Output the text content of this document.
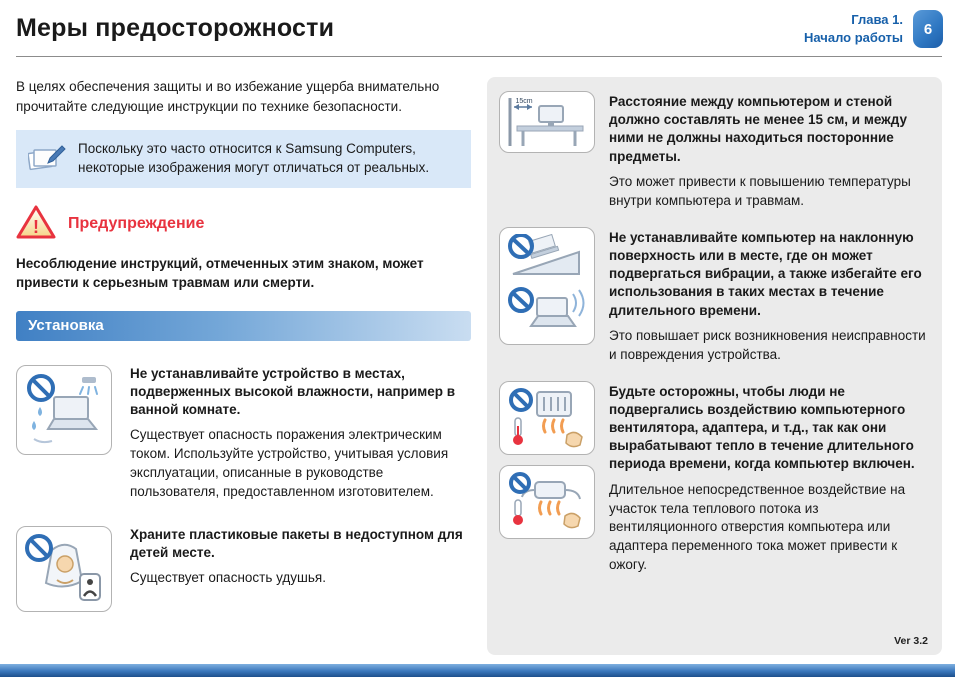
Меры предосторожности	Глава 1.
Начало работы	6

В целях обеспечения защиты и во избежание ущерба внимательно прочитайте следующие инструкции по технике безопасности.

Поскольку это часто относится к Samsung Computers, некоторые изображения могут отличаться от реальных.

! Предупреждение

Несоблюдение инструкций, отмеченных этим знаком, может привести к серьезным травмам или смерти.

Установка

Не устанавливайте устройство в местах, подверженных высокой влажности, например в ванной комнате.

Существует опасность поражения электрическим током. Используйте устройство, учитывая условия эксплуатации, описанные в руководстве пользователя, предоставленном изготовителем.

Храните пластиковые пакеты в недоступном для детей месте.

Существует опасность удушья.

15cm	Расстояние между компьютером и стеной должно составлять не менее 15 см, и между ними не должны находиться посторонние предметы.

Это может привести к повышению температуры внутри компьютера и травмам.

Не устанавливайте компьютер на наклонную поверхность или в месте, где он может подвергаться вибрации, а также избегайте его использования в таких местах в течение длительного времени.

Это повышает риск возникновения неисправности и повреждения устройства.

Будьте осторожны, чтобы люди не подвергались воздействию компьютерного вентилятора, адаптера, и т.д., так как они вырабатывают тепло в течение длительного периода времени, когда компьютер включен.

Длительное непосредственное воздействие на участок тела теплового потока из вентиляционного отверстия компьютера или адаптера переменного тока может привести к ожогу.

Ver 3.2
